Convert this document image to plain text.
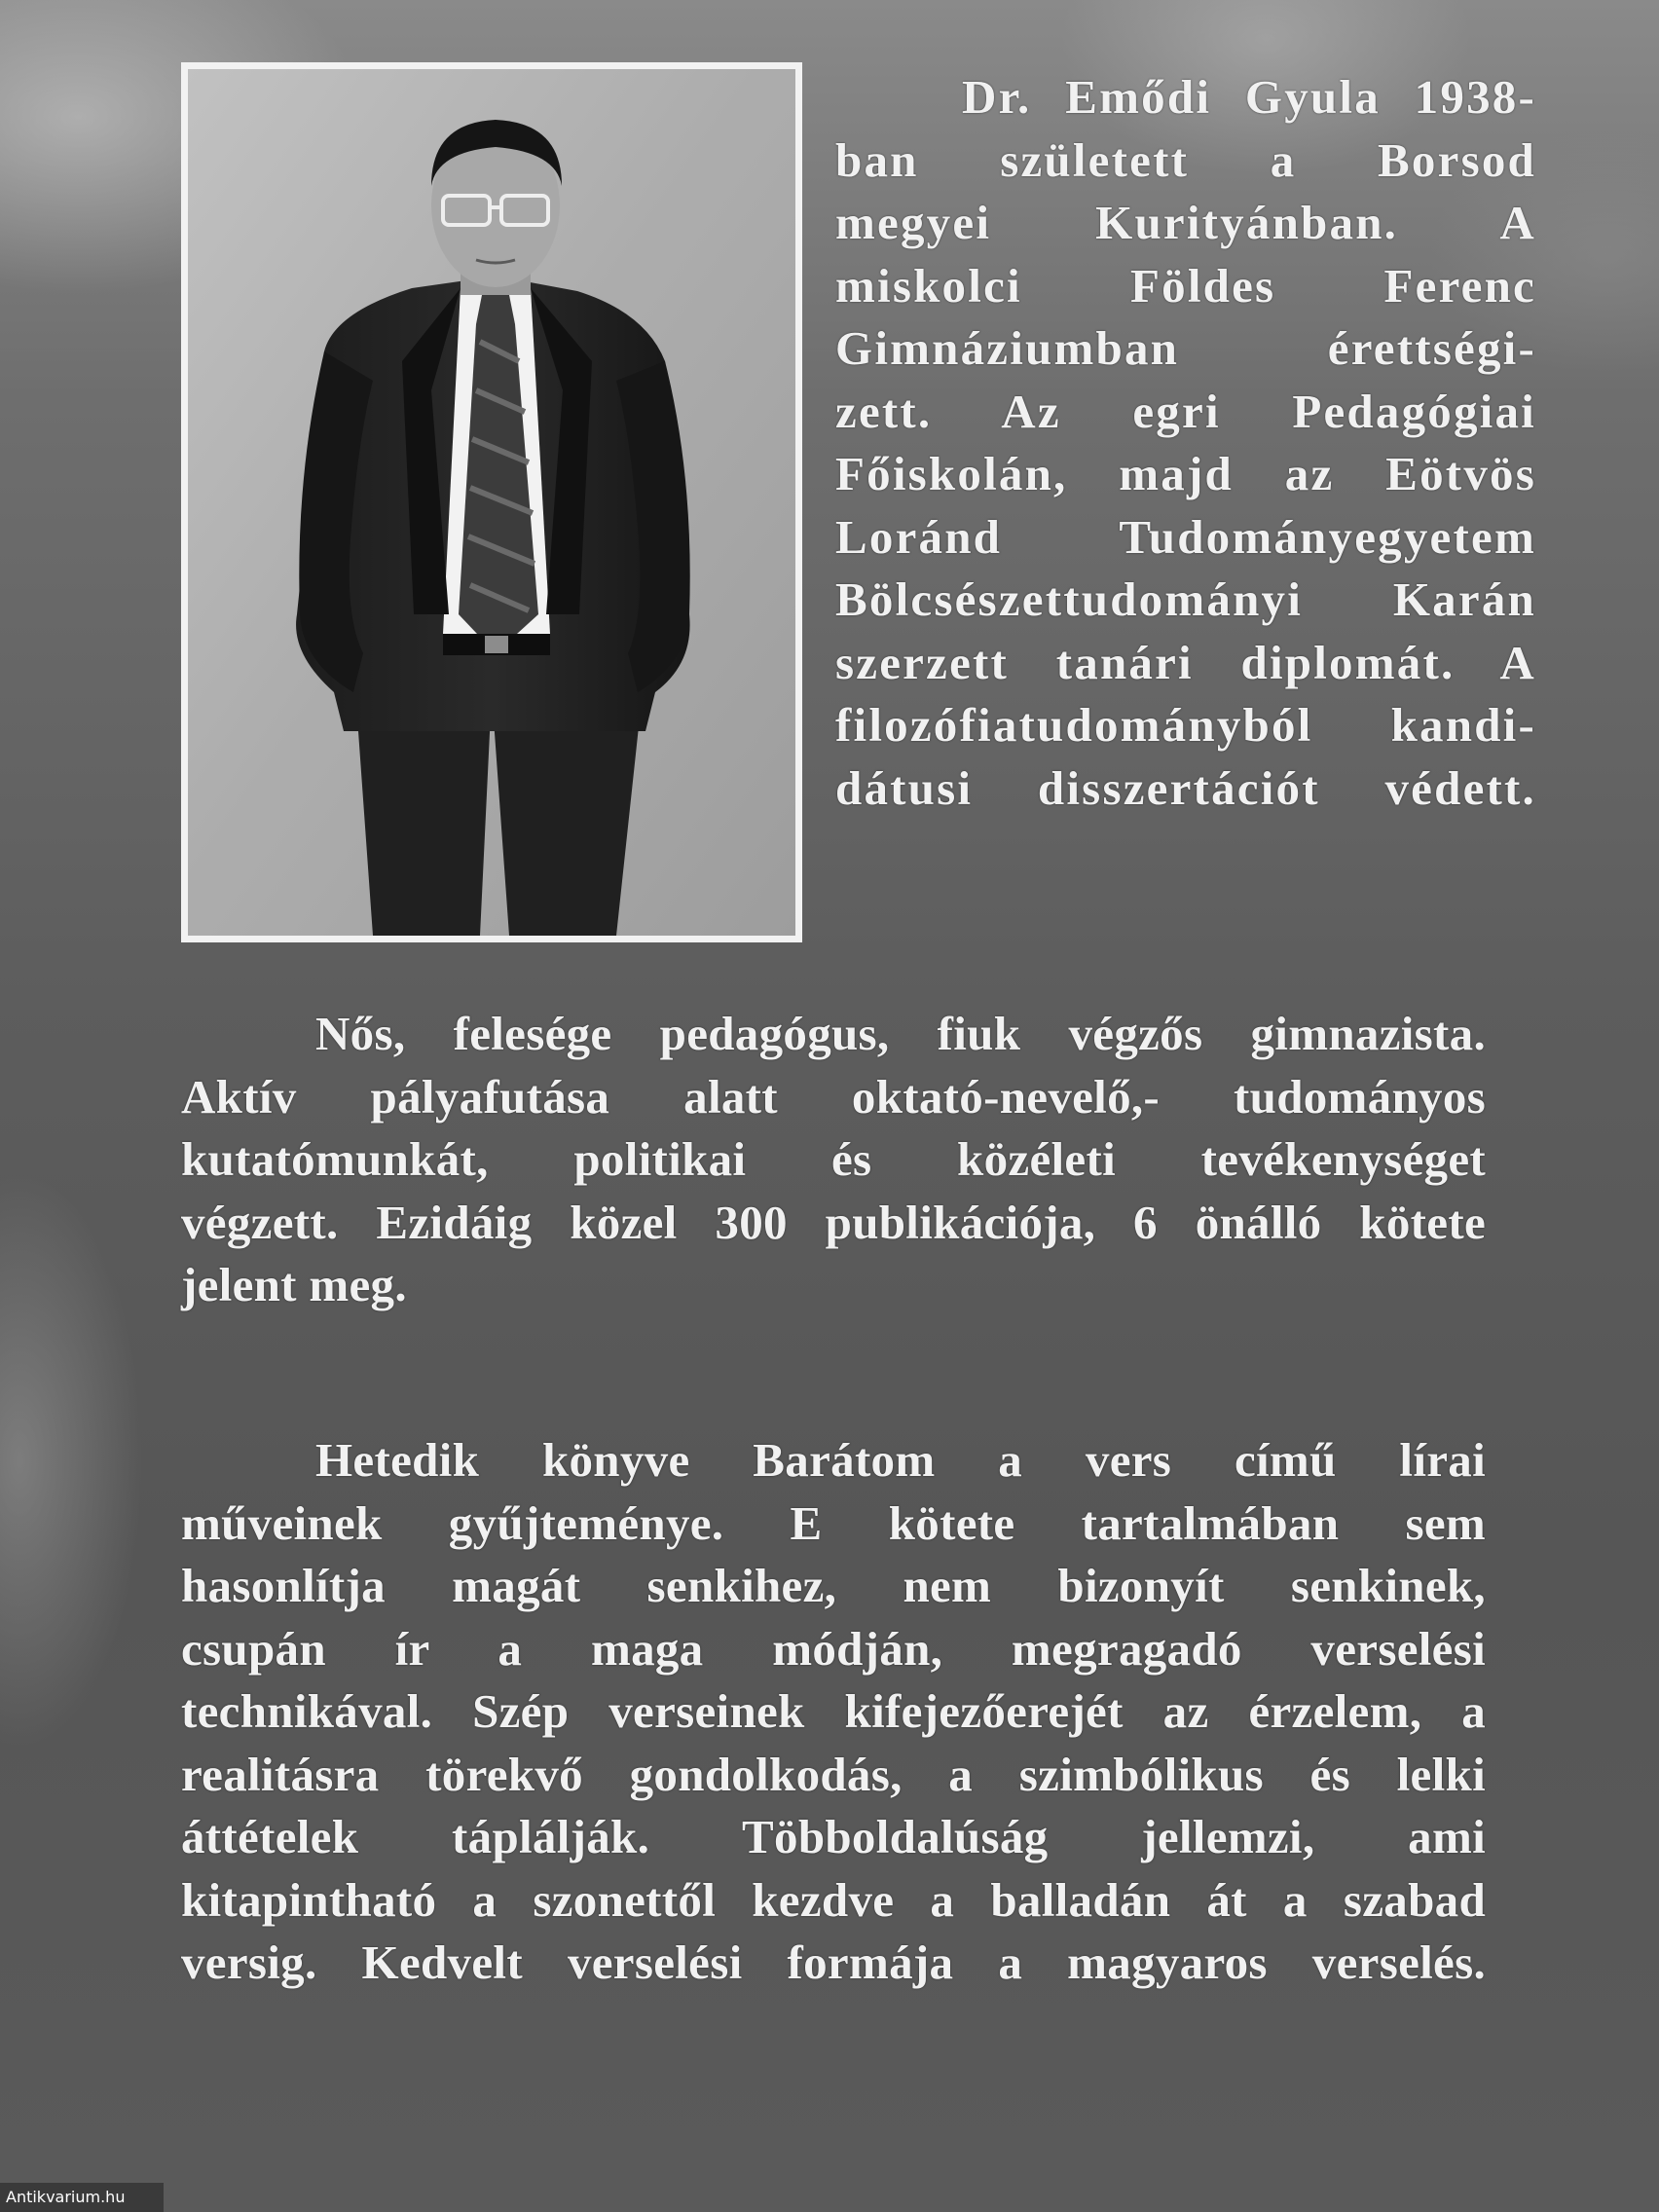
Dr. Emődi Gyula 1938-
ban született a Borsod
megyei Kurityánban. A
miskolci Földes Ferenc
Gimnáziumban érettségi-
zett. Az egri Pedagógiai
Főiskolán, majd az Eötvös
Loránd Tudományegyetem
Bölcsészettudományi Karán
szerzett tanári diplomát. A
filozófiatudományból kandi-
dátusi disszertációt védett.
Nős, felesége pedagógus, fiuk végzős gimnazista.
Aktív pályafutása alatt oktató-nevelő,- tudományos
kutatómunkát, politikai és közéleti tevékenységet
végzett. Ezidáig közel 300 publikációja, 6 önálló kötete
jelent meg.
Hetedik könyve Barátom a vers című lírai
műveinek gyűjteménye. E kötete tartalmában sem
hasonlítja magát senkihez, nem bizonyít senkinek,
csupán ír a maga módján, megragadó verselési
technikával. Szép verseinek kifejezőerejét az érzelem, a
realitásra törekvő gondolkodás, a szimbólikus és lelki
áttételek táplálják. Többoldalúság jellemzi, ami
kitapintható a szonettől kezdve a balladán át a szabad
versig. Kedvelt verselési formája a magyaros verselés.
Antikvarium.hu
